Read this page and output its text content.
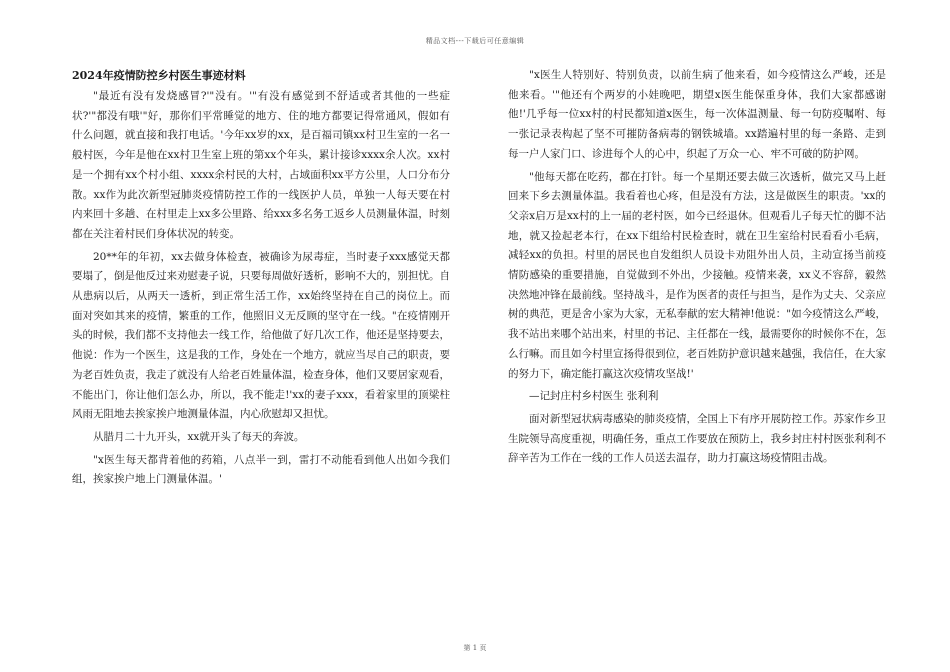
精品文档---下载后可任意编辑
2024年疫情防控乡村医生事迹材料

"最近有没有发烧感冒?'"没有。'"有没有感觉到不舒适或者其他的一些症状?'"都没有哦'"好，那你们平常睡觉的地方、住的地方都要记得常通风，假如有什么问题，就直接和我打电话。'今年xx岁的xx，是百福司镇xx村卫生室的一名一般村医，今年是他在xx村卫生室上班的第xx个年头，累计接诊xxxx余人次。xx村是一个拥有xx个村小组、xxxx余村民的大村，占域面积xx平方公里，人口分布分散。xx作为此次新型冠肺炎疫情防控工作的一线医护人员，单独一人每天要在村内来回十多趟、在村里走上xx多公里路、给xxx多名务工返乡人员测量体温，时刻都在关注着村民们身体状况的转变。

20**年的年初，xx去做身体检查，被确诊为尿毒症，当时妻子xxx感觉天都要塌了，倒是他反过来劝慰妻子说，只要每周做好透析，影响不大的，别担忧。自从患病以后，从两天一透析，到正常生活工作，xx始终坚持在自己的岗位上。而面对突如其来的疫情，繁重的工作，他照旧义无反顾的坚守在一线。"在疫情刚开头的时候，我们都不支持他去一线工作，给他做了好几次工作，他还是坚持要去，他说：作为一个医生，这是我的工作，身处在一个地方，就应当尽自己的职责，要为老百姓负责，我走了就没有人给老百姓量体温，检查身体，他们又要居家观看，不能出门，你让他们怎么办，所以，我不能走!'xx的妻子xxx，看着家里的顶梁柱风雨无阻地去挨家挨户地测量体温，内心欣慰却又担忧。

从腊月二十九开头，xx就开头了每天的奔波。

"x医生每天都背着他的药箱，八点半一到，雷打不动能看到他人出如今我们组，挨家挨户地上门测量体温。'

"x医生人特别好、特别负责，以前生病了他来看，如今疫情这么严峻，还是他来看。'"他还有个两岁的小娃晚吧，期望x医生能保重身体，我们大家都感谢他!'几乎每一位xx村的村民都知道x医生，每一次体温测量、每一句防疫嘱咐、每一张记录表构起了坚不可摧防备病毒的钢铁城墙。xx踏遍村里的每一条路、走到每一户人家门口、诊进每个人的心中，织起了万众一心、牢不可破的防护网。

"他每天都在吃药，都在打针。每一个星期还要去做三次透析，做完又马上赶回来下乡去测量体温。我看着也心疼，但是没有方法，这是做医生的职责。'xx的父亲x启万是xx村的上一届的老村医，如今已经退休。但观看儿子每天忙的脚不沾地，就又捡起老本行，在xx下组给村民检查时，就在卫生室给村民看看小毛病，减轻xx的负担。村里的居民也自发组织人员设卡劝阻外出人员，主动宣扬当前疫情防感染的重要措施，自觉做到不外出，少接触。疫情来袭，xx义不容辞，毅然决然地冲锋在最前线。坚持战斗，是作为医者的责任与担当，是作为丈夫、父亲应树的典范，更是舍小家为大家，无私奉献的宏大精神!他说："如今疫情这么严峻，我不站出来哪个站出来，村里的书记、主任都在一线，最需要你的时候你不在，怎么行嘛。而且如今村里宣扬得很到位，老百姓防护意识越来越强，我信任，在大家的努力下，确定能打赢这次疫情攻坚战!'

—记封庄村乡村医生 张利利

面对新型冠状病毒感染的肺炎疫情，全国上下有序开展防控工作。苏家作乡卫生院领导高度重视，明确任务，重点工作要放在预防上，我乡封庄村村医张利利不辞辛苦为工作在一线的工作人员送去温存，助力打赢这场疫情阻击战。

第 1 页
